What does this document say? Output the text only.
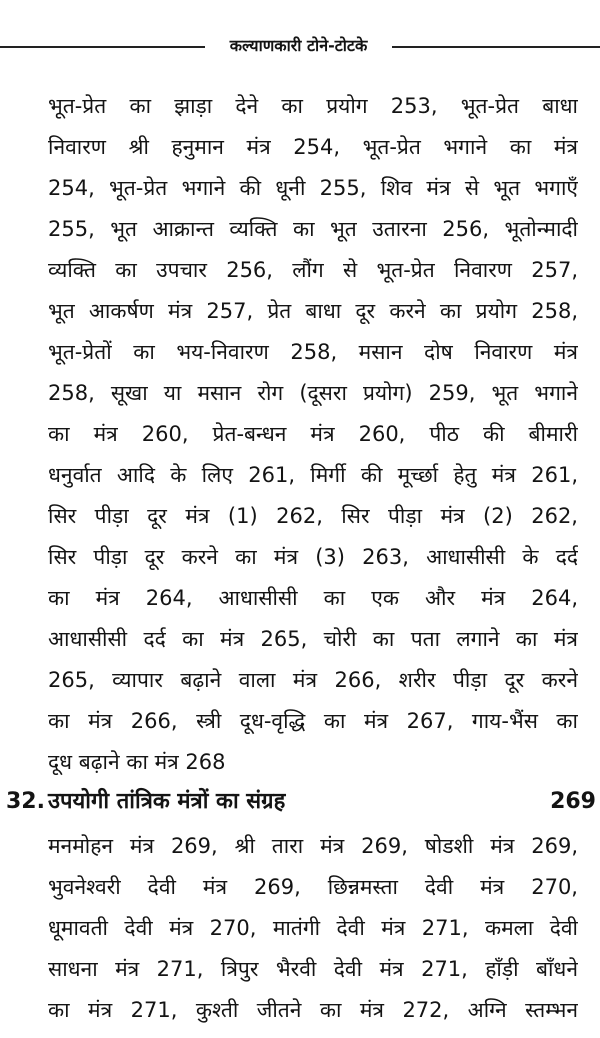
कल्याणकारी टोने-टोटके
भूत-प्रेत का झाड़ा देने का प्रयोग 253, भूत-प्रेत बाधा
निवारण श्री हनुमान मंत्र 254, भूत-प्रेत भगाने का मंत्र
254, भूत-प्रेत भगाने की धूनी 255, शिव मंत्र से भूत भगाएँ
255, भूत आक्रान्त व्यक्ति का भूत उतारना 256, भूतोन्मादी
व्यक्ति का उपचार 256, लौंग से भूत-प्रेत निवारण 257,
भूत आकर्षण मंत्र 257, प्रेत बाधा दूर करने का प्रयोग 258,
भूत-प्रेतों का भय-निवारण 258, मसान दोष निवारण मंत्र
258, सूखा या मसान रोग (दूसरा प्रयोग) 259, भूत भगाने
का मंत्र 260, प्रेत-बन्धन मंत्र 260, पीठ की बीमारी
धनुर्वात आदि के लिए 261, मिर्गी की मूर्च्छा हेतु मंत्र 261,
सिर पीड़ा दूर मंत्र (1) 262, सिर पीड़ा मंत्र (2) 262,
सिर पीड़ा दूर करने का मंत्र (3) 263, आधासीसी के दर्द
का मंत्र 264, आधासीसी का एक और मंत्र 264,
आधासीसी दर्द का मंत्र 265, चोरी का पता लगाने का मंत्र
265, व्यापार बढ़ाने वाला मंत्र 266, शरीर पीड़ा दूर करने
का मंत्र 266, स्त्री दूध-वृद्धि का मंत्र 267, गाय-भैंस का
दूध बढ़ाने का मंत्र 268
32. उपयोगी तांत्रिक मंत्रों का संग्रह	269
मनमोहन मंत्र 269, श्री तारा मंत्र 269, षोडशी मंत्र 269,
भुवनेश्वरी देवी मंत्र 269, छिन्नमस्ता देवी मंत्र 270,
धूमावती देवी मंत्र 270, मातंगी देवी मंत्र 271, कमला देवी
साधना मंत्र 271, त्रिपुर भैरवी देवी मंत्र 271, हाँड़ी बाँधने
का मंत्र 271, कुश्ती जीतने का मंत्र 272, अग्नि स्तम्भन
